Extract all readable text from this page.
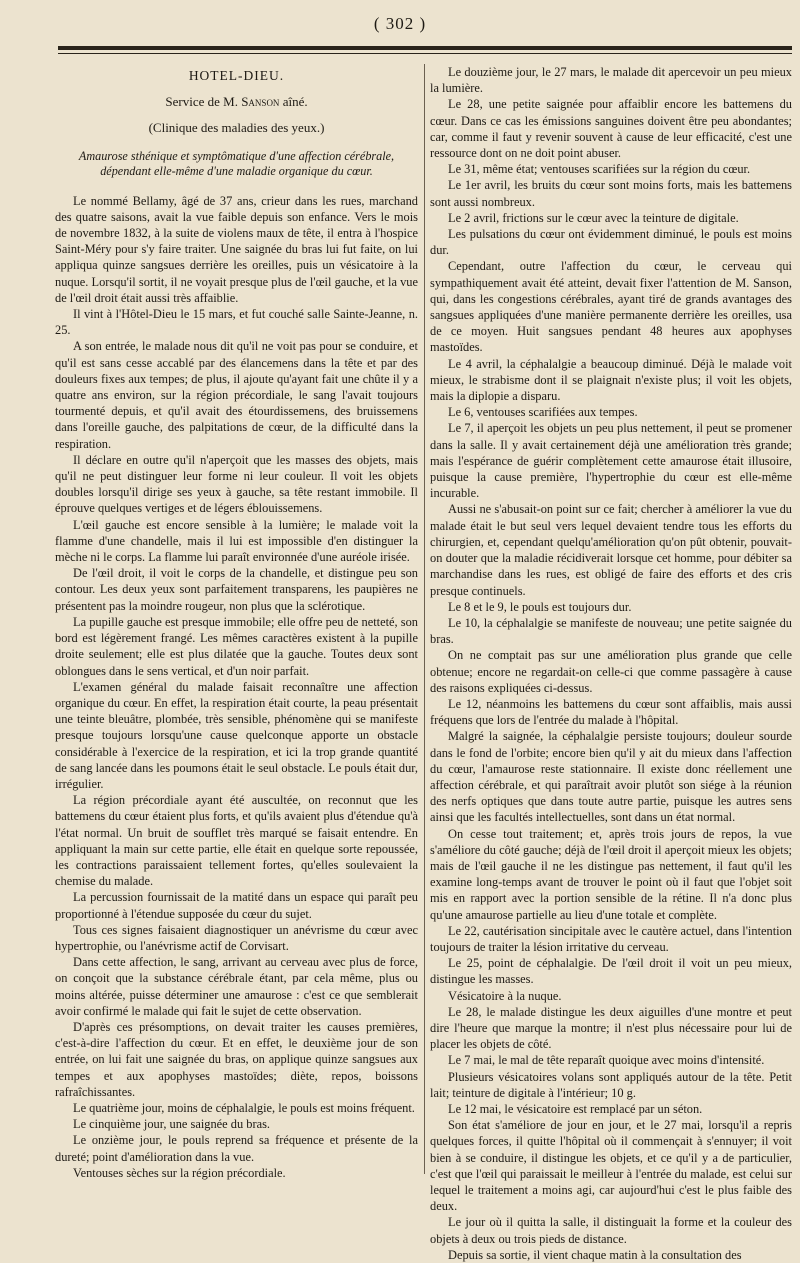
( 302 )
HOTEL-DIEU.
Service de M. Sanson aîné.
(Clinique des maladies des yeux.)
Amaurose sthénique et symptômatique d'une affection cérébrale, dépendant elle-même d'une maladie organique du cœur.

Le nommé Bellamy, âgé de 37 ans, crieur dans les rues, marchand des quatre saisons, avait la vue faible depuis son enfance. Vers le mois de novembre 1832, à la suite de violens maux de tête, il entra à l'hospice Saint-Méry pour s'y faire traiter. Une saignée du bras lui fut faite, on lui appliqua quinze sangsues derrière les oreilles, puis un vésicatoire à la nuque. Lorsqu'il sortit, il ne voyait presque plus de l'œil gauche, et la vue de l'œil droit était aussi très affaiblie.

Il vint à l'Hôtel-Dieu le 15 mars, et fut couché salle Sainte-Jeanne, n. 25.

A son entrée, le malade nous dit qu'il ne voit pas pour se conduire, et qu'il est sans cesse accablé par des élancemens dans la tête et par des douleurs fixes aux tempes; de plus, il ajoute qu'ayant fait une chûte il y a quatre ans environ, sur la région précordiale, le sang l'avait toujours tourmenté depuis, et qu'il avait des étourdissemens, des bruissemens dans l'oreille gauche, des palpitations de cœur, de la difficulté dans la respiration.

Il déclare en outre qu'il n'aperçoit que les masses des objets, mais qu'il ne peut distinguer leur forme ni leur couleur. Il voit les objets doubles lorsqu'il dirige ses yeux à gauche, sa tête restant immobile. Il éprouve quelques vertiges et de légers éblouissemens.

L'œil gauche est encore sensible à la lumière; le malade voit la flamme d'une chandelle, mais il lui est impossible d'en distinguer la mèche ni le corps. La flamme lui paraît environnée d'une auréole irisée.

De l'œil droit, il voit le corps de la chandelle, et distingue peu son contour. Les deux yeux sont parfaitement transparens, les paupières ne présentent pas la moindre rougeur, non plus que la sclérotique.

La pupille gauche est presque immobile; elle offre peu de netteté, son bord est légèrement frangé. Les mêmes caractères existent à la pupille droite seulement; elle est plus dilatée que la gauche. Toutes deux sont oblongues dans le sens vertical, et d'un noir parfait.

L'examen général du malade faisait reconnaître une affection organique du cœur. En effet, la respiration était courte, la peau présentait une teinte bleuâtre, plombée, très sensible, phénomène qui se manifeste presque toujours lorsqu'une cause quelconque apporte un obstacle considérable à l'exercice de la respiration, et ici la trop grande quantité de sang lancée dans les poumons était le seul obstacle. Le pouls était dur, irrégulier.

La région précordiale ayant été auscultée, on reconnut que les battemens du cœur étaient plus forts, et qu'ils avaient plus d'étendue qu'à l'état normal. Un bruit de soufflet très marqué se faisait entendre. En appliquant la main sur cette partie, elle était en quelque sorte repoussée, les contractions paraissaient tellement fortes, qu'elles soulevaient la chemise du malade.

La percussion fournissait de la matité dans un espace qui paraît peu proportionné à l'étendue supposée du cœur du sujet.

Tous ces signes faisaient diagnostiquer un anévrisme du cœur avec hypertrophie, ou l'anévrisme actif de Corvisart.

Dans cette affection, le sang, arrivant au cerveau avec plus de force, on conçoit que la substance cérébrale étant, par cela même, plus ou moins altérée, puisse déterminer une amaurose : c'est ce que semblerait avoir confirmé le malade qui fait le sujet de cette observation.

D'après ces présomptions, on devait traiter les causes premières, c'est-à-dire l'affection du cœur. Et en effet, le deuxième jour de son entrée, on lui fait une saignée du bras, on applique quinze sangsues aux tempes et aux apophyses mastoïdes; diète, repos, boissons rafraîchissantes.

Le quatrième jour, moins de céphalalgie, le pouls est moins fréquent.

Le cinquième jour, une saignée du bras.

Le onzième jour, le pouls reprend sa fréquence et présente de la dureté; point d'amélioration dans la vue.

Ventouses sèches sur la région précordiale.

Le douzième jour, le 27 mars, le malade dit apercevoir un peu mieux la lumière.

Le 28, une petite saignée pour affaiblir encore les battemens du cœur. Dans ce cas les émissions sanguines doivent être peu abondantes; car, comme il faut y revenir souvent à cause de leur efficacité, c'est une ressource dont on ne doit point abuser.

Le 31, même état; ventouses scarifiées sur la région du cœur.

Le 1er avril, les bruits du cœur sont moins forts, mais les battemens sont aussi nombreux.

Le 2 avril, frictions sur le cœur avec la teinture de digitale.

Les pulsations du cœur ont évidemment diminué, le pouls est moins dur.

Cependant, outre l'affection du cœur, le cerveau qui sympathiquement avait été atteint, devait fixer l'attention de M. Sanson, qui, dans les congestions cérébrales, ayant tiré de grands avantages des sangsues appliquées d'une manière permanente derrière les oreilles, usa de ce moyen. Huit sangsues pendant 48 heures aux apophyses mastoïdes.

Le 4 avril, la céphalalgie a beaucoup diminué. Déjà le malade voit mieux, le strabisme dont il se plaignait n'existe plus; il voit les objets, mais la diplopie a disparu.

Le 6, ventouses scarifiées aux tempes.

Le 7, il aperçoit les objets un peu plus nettement, il peut se promener dans la salle. Il y avait certainement déjà une amélioration très grande; mais l'espérance de guérir complètement cette amaurose était illusoire, puisque la cause première, l'hypertrophie du cœur est elle-même incurable.

Aussi ne s'abusait-on point sur ce fait; chercher à améliorer la vue du malade était le but seul vers lequel devaient tendre tous les efforts du chirurgien, et, cependant quelqu'amélioration qu'on pût obtenir, pouvait-on douter que la maladie récidiverait lorsque cet homme, pour débiter sa marchandise dans les rues, est obligé de faire des efforts et des cris presque continuels.

Le 8 et le 9, le pouls est toujours dur.

Le 10, la céphalalgie se manifeste de nouveau; une petite saignée du bras.

On ne comptait pas sur une amélioration plus grande que celle obtenue; encore ne regardait-on celle-ci que comme passagère à cause des raisons expliquées ci-dessus.

Le 12, néanmoins les battemens du cœur sont affaiblis, mais aussi fréquens que lors de l'entrée du malade à l'hôpital.

Malgré la saignée, la céphalalgie persiste toujours; douleur sourde dans le fond de l'orbite; encore bien qu'il y ait du mieux dans l'affection du cœur, l'amaurose reste stationnaire. Il existe donc réellement une affection cérébrale, et qui paraîtrait avoir plutôt son siége à la réunion des nerfs optiques que dans toute autre partie, puisque les autres sens ainsi que les facultés intellectuelles, sont dans un état normal.

On cesse tout traitement; et, après trois jours de repos, la vue s'améliore du côté gauche; déjà de l'œil droit il aperçoit mieux les objets; mais de l'œil gauche il ne les distingue pas nettement, il faut qu'il les examine long-temps avant de trouver le point où il faut que l'objet soit mis en rapport avec la portion sensible de la rétine. Il n'a donc plus qu'une amaurose partielle au lieu d'une totale et complète.

Le 22, cautérisation sincipitale avec le cautère actuel, dans l'intention toujours de traiter la lésion irritative du cerveau.

Le 25, point de céphalalgie. De l'œil droit il voit un peu mieux, distingue les masses.

Vésicatoire à la nuque.

Le 28, le malade distingue les deux aiguilles d'une montre et peut dire l'heure que marque la montre; il n'est plus nécessaire pour lui de placer les objets de côté.

Le 7 mai, le mal de tête reparaît quoique avec moins d'intensité.

Plusieurs vésicatoires volans sont appliqués autour de la tête. Petit lait; teinture de digitale à l'intérieur; 10 g.

Le 12 mai, le vésicatoire est remplacé par un séton.

Son état s'améliore de jour en jour, et le 27 mai, lorsqu'il a repris quelques forces, il quitte l'hôpital où il commençait à s'ennuyer; il voit bien à se conduire, il distingue les objets, et ce qu'il y a de particulier, c'est que l'œil qui paraissait le meilleur à l'entrée du malade, est celui sur lequel le traitement a moins agi, car aujourd'hui c'est le plus faible des deux.

Le jour où il quitta la salle, il distinguait la forme et la couleur des objets à deux ou trois pieds de distance.

Depuis sa sortie, il vient chaque matin à la consultation des
